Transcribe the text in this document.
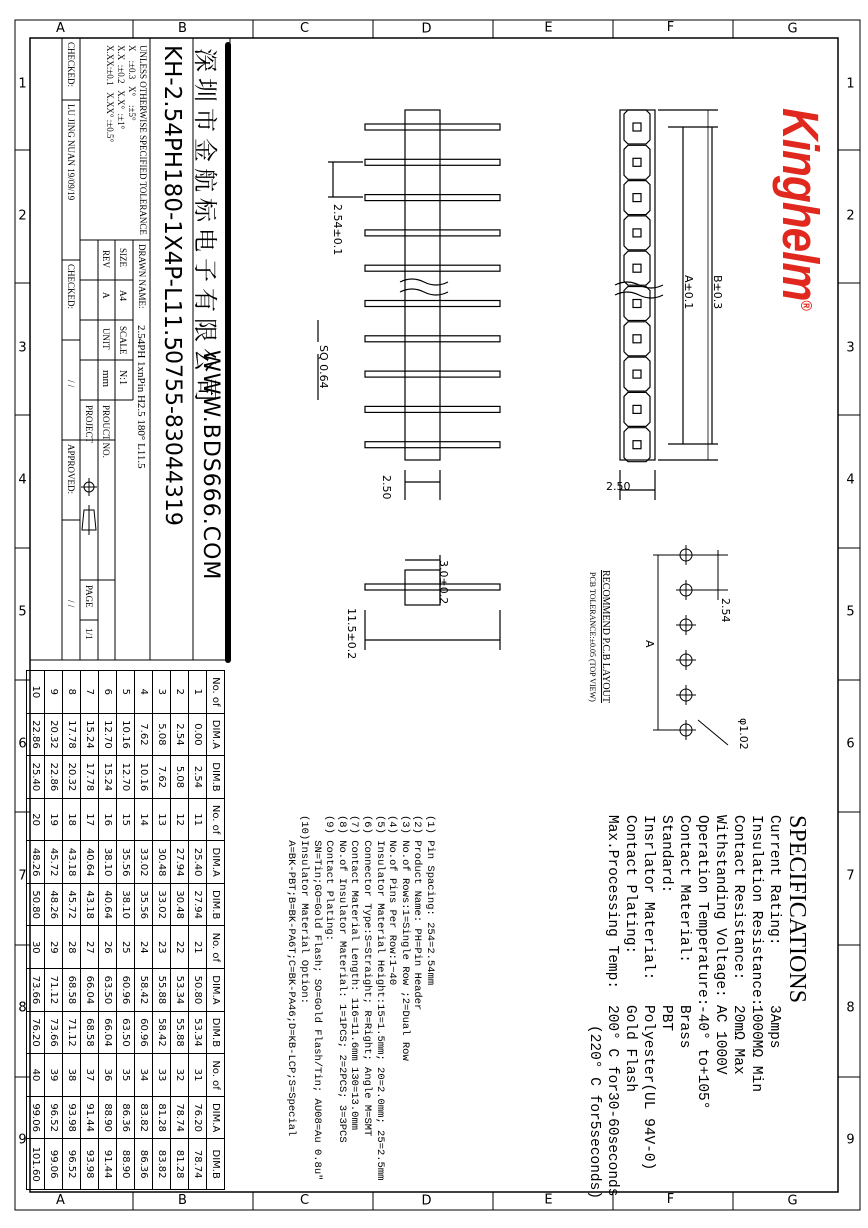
A
A
B
B
C
C
D
D
E
E
F
F
G
G
1
1
2
2
3
3
4
4
5
5
6
6
7
7
8
8
9
9
Kinghelm®
B±0.3
A±0.1
2.50
2.54±0.1
SQ 0.64
2.50
3.0±0.2
11.5±0.2	2.54
A
φ1.02
RECOMMEND P.C.B LAYOUT
PCB TOLERANCE:±0.05 (TOP VIEW)
SPECIFICATIONS
Current Rating:
3Amps
Insulation Resistance:
1000MΩ Min
Contact Resistance:
20mΩ Max
Withstanding Voltage:
AC 1000V
Operation Temperature:
-40° to+105°
Contact Material:
Brass
Standard:
PBT
Insrlator Material:
Polyester(UL 94V-0)
Contact Plating:
Gold Flash
Max.Processing Temp:
200° C for30-60seconds
(220° C for5seconds)
(1) Pin Spacing: 254=2.54mm
(2) Product Name: PH=Pin Header
(3) No.of Rows:1=Single Row ;2=Dual Row
(4) No.of Pins Per Row:1~40
(5) Insulator Material Height:15=1.5mm; 20=2.0mm; 25=2.5mm
(6) Connector Type:S=Straight; R=Right; Angle M=SMT
(7) Contact Material Length: 116=11.6mm 130=13.0mm
(8) No.of Insulator Material: 1=1PCS; 2=2PCS; 3=3PCS
(9) Contact Plating:
SN=Tin;GO=Gold Flash; SO=Gold Flash/Tin; AU08=Au 0.8u"
(10)Insulator Material Option:
A=BK-PBT;B=BK-PA6T;C=BK-PA46;D=KB-LCP;S=Special
深圳市金航标电子有限公司
WWW.BDS666.COM
KH-2.54PH180-1X4P-L11.5
0755-83044319
UNLESS OTHERWISE SPECIFIED TOLERANCE
X    :±0.3   X°    :±5°
X.X  :±0.2   X.X°  :±1°
X.XX:±0.1   X.XX° :±0.5°
DRAWN NAME:
2.54PH 1xnPin H2.5 180° L11.5
SIZE
A4
SCALE
N:1
PROUCT NO.
REV
A
UNIT
mm
PROJECT
PAGE
1/1
CHECKED:
LU JING NUAN 19/09/19
CHECKED:
/ /
APPROVED:
/ /
No. of	DIM.A	DIM.B	No. of	DIM.A	DIM.B	No. of	DIM.A	DIM.B	No. of	DIM.A	DIM.B
1	0.00	2.54	11	25.40	27.94	21	50.80	53.34	31	76.20	78.74
2	2.54	5.08	12	27.94	30.48	22	53.34	55.88	32	78.74	81.28
3	5.08	7.62	13	30.48	33.02	23	55.88	58.42	33	81.28	83.82
4	7.62	10.16	14	33.02	35.56	24	58.42	60.96	34	83.82	86.36
5	10.16	12.70	15	35.56	38.10	25	60.96	63.50	35	86.36	88.90
6	12.70	15.24	16	38.10	40.64	26	63.50	66.04	36	88.90	91.44
7	15.24	17.78	17	40.64	43.18	27	66.04	68.58	37	91.44	93.98
8	17.78	20.32	18	43.18	45.72	28	68.58	71.12	38	93.98	96.52
9	20.32	22.86	19	45.72	48.26	29	71.12	73.66	39	96.52	99.06
10	22.86	25.40	20	48.26	50.80	30	73.66	76.20	40	99.06	101.60
